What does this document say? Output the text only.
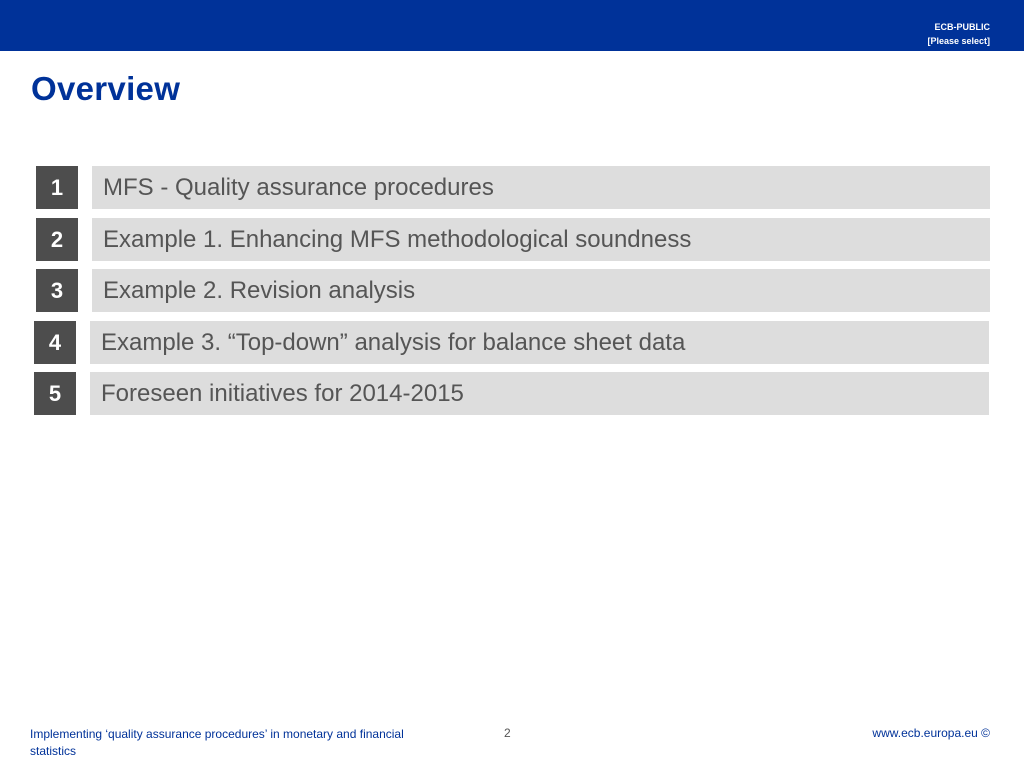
ECB-PUBLIC
[Please select]
Overview
1	MFS - Quality assurance procedures
2	Example 1. Enhancing MFS methodological soundness
3	Example 2. Revision analysis
4	Example 3. “Top-down” analysis for balance sheet data
5	Foreseen initiatives for 2014-2015
Implementing ‘quality assurance procedures’ in monetary and financial statistics
2	www.ecb.europa.eu ©
